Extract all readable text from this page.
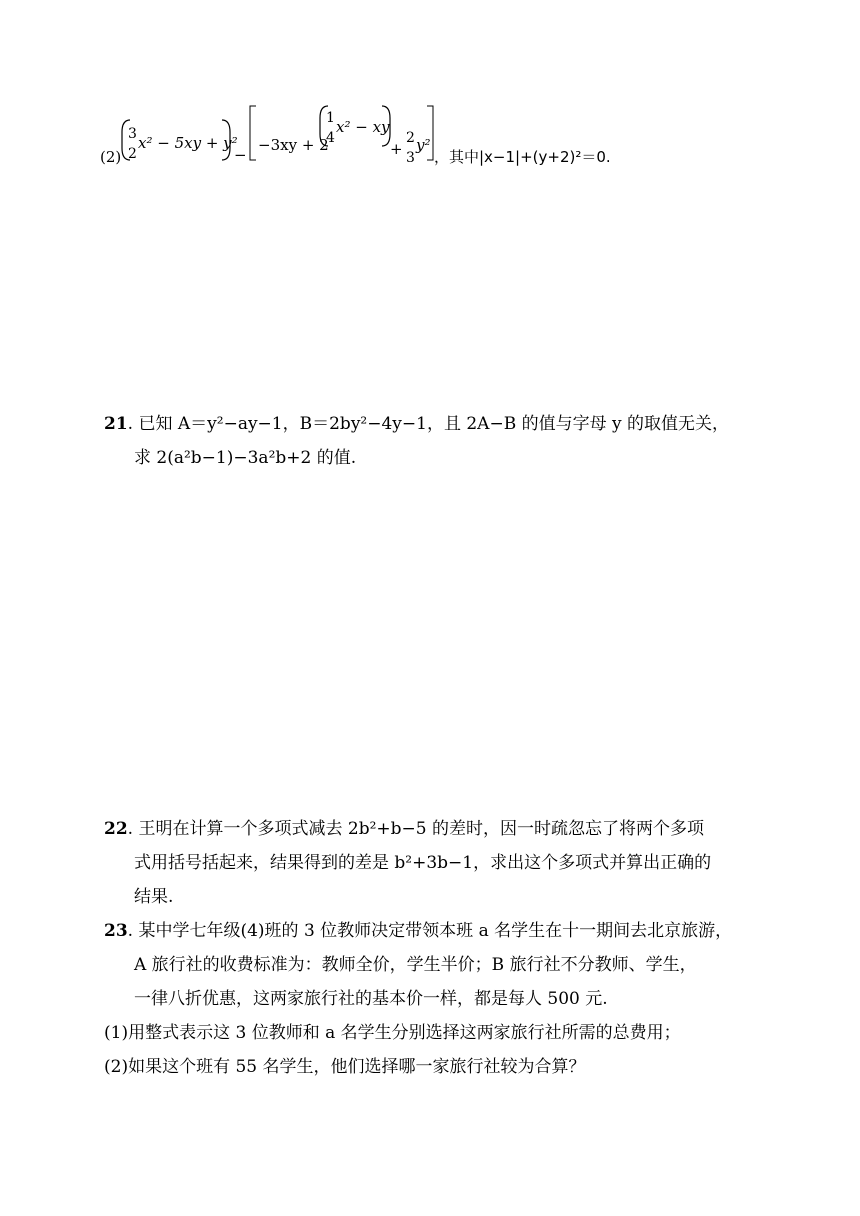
(2)
3
2
x² − 5xy + y²
−
−3xy + 2
1
4
x² − xy
+
2
3
y²
，其中|x−1|+(y+2)²＝0.
21. 已知 A＝y²−ay−1，B＝2by²−4y−1，且 2A−B 的值与字母 y 的取值无关，
求 2(a²b−1)−3a²b+2 的值.
22. 王明在计算一个多项式减去 2b²+b−5 的差时，因一时疏忽忘了将两个多项
式用括号括起来，结果得到的差是 b²+3b−1，求出这个多项式并算出正确的
结果.
23. 某中学七年级(4)班的 3 位教师决定带领本班 a 名学生在十一期间去北京旅游，
A 旅行社的收费标准为：教师全价，学生半价；B 旅行社不分教师、学生，
一律八折优惠，这两家旅行社的基本价一样，都是每人 500 元.
(1)用整式表示这 3 位教师和 a 名学生分别选择这两家旅行社所需的总费用；
(2)如果这个班有 55 名学生，他们选择哪一家旅行社较为合算？
